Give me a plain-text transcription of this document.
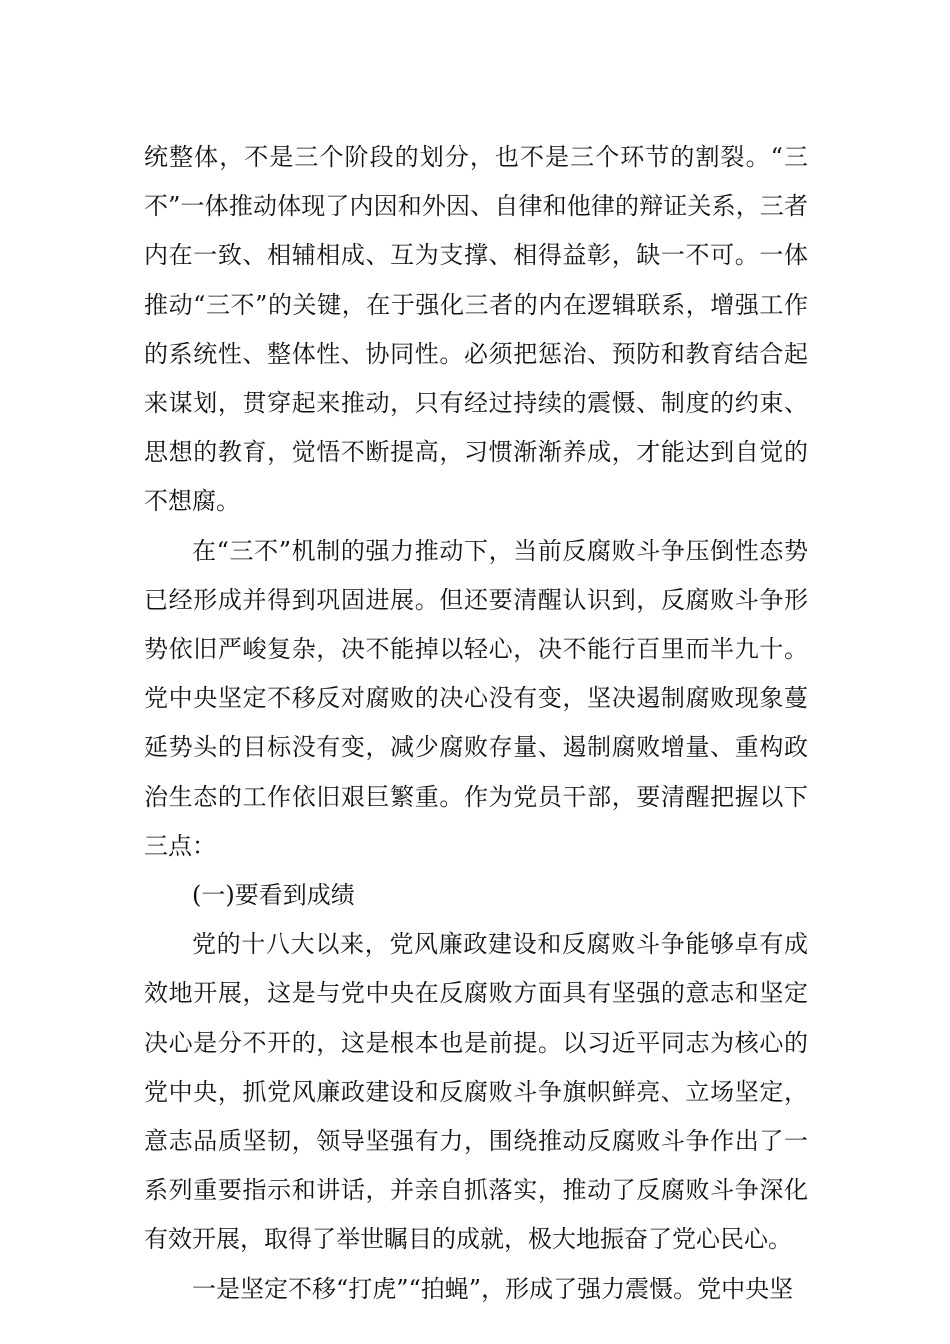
统整体，不是三个阶段的划分，也不是三个环节的割裂。“三不”一体推动体现了内因和外因、自律和他律的辩证关系，三者内在一致、相辅相成、互为支撑、相得益彰，缺一不可。一体推动“三不”的关键，在于强化三者的内在逻辑联系，增强工作的系统性、整体性、协同性。必须把惩治、预防和教育结合起来谋划，贯穿起来推动，只有经过持续的震慑、制度的约束、思想的教育，觉悟不断提高，习惯渐渐养成，才能达到自觉的不想腐。

在“三不”机制的强力推动下，当前反腐败斗争压倒性态势已经形成并得到巩固进展。但还要清醒认识到，反腐败斗争形势依旧严峻复杂，决不能掉以轻心，决不能行百里而半九十。党中央坚定不移反对腐败的决心没有变，坚决遏制腐败现象蔓延势头的目标没有变，减少腐败存量、遏制腐败增量、重构政治生态的工作依旧艰巨繁重。作为党员干部，要清醒把握以下三点：

(一)要看到成绩

党的十八大以来，党风廉政建设和反腐败斗争能够卓有成效地开展，这是与党中央在反腐败方面具有坚强的意志和坚定决心是分不开的，这是根本也是前提。以习近平同志为核心的党中央，抓党风廉政建设和反腐败斗争旗帜鲜亮、立场坚定，意志品质坚韧，领导坚强有力，围绕推动反腐败斗争作出了一系列重要指示和讲话，并亲自抓落实，推动了反腐败斗争深化有效开展，取得了举世瞩目的成就，极大地振奋了党心民心。

一是坚定不移“打虎”“拍蝇”，形成了强力震慑。党中央坚
